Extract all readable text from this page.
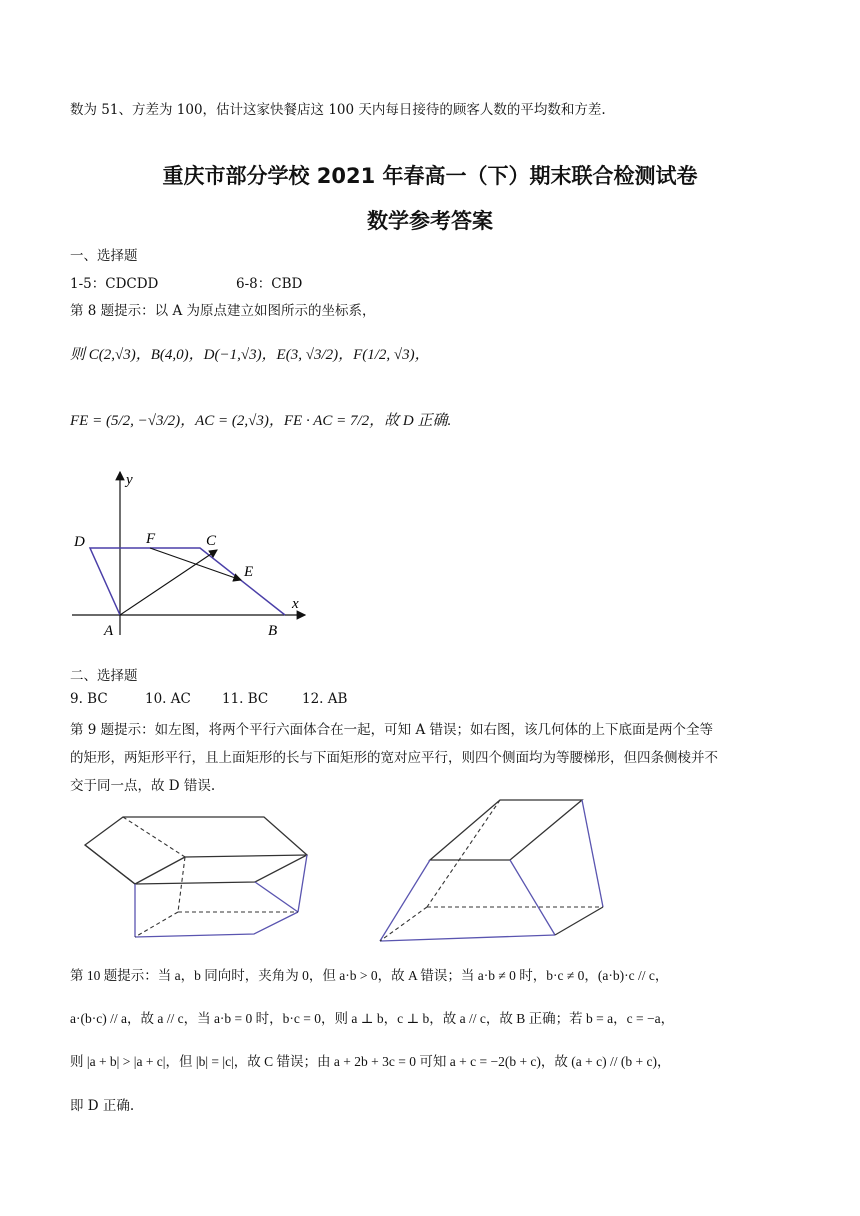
数为 51、方差为 100，估计这家快餐店这 100 天内每日接待的顾客人数的平均数和方差.
重庆市部分学校 2021 年春高一（下）期末联合检测试卷
数学参考答案
一、选择题
1-5：CDCDD	6-8：CBD
第 8 题提示：以 A 为原点建立如图所示的坐标系，
则 C(2,√3)，B(4,0)，D(−1,√3)，E(3, √3/2)，F(1/2, √3)，
FE = (5/2, −√3/2)，AC = (2,√3)，FE · AC = 7/2，故 D 正确.
y
x
D	F	C
E
A	B
二、选择题
9. BC	10. AC 11. BC 12. AB
第 9 题提示：如左图，将两个平行六面体合在一起，可知 A 错误；如右图，该几何体的上下底面是两个全等
的矩形，两矩形平行，且上面矩形的长与下面矩形的宽对应平行，则四个侧面均为等腰梯形，但四条侧棱并不
交于同一点，故 D 错误.
第 10 题提示：当 a，b 同向时，夹角为 0，但 a·b > 0，故 A 错误；当 a·b ≠ 0 时，b·c ≠ 0，(a·b)·c // c，
a·(b·c) // a，故 a // c，当 a·b = 0 时，b·c = 0，则 a ⊥ b，c ⊥ b，故 a // c，故 B 正确；若 b = a，c = −a，
则 |a + b| > |a + c|，但 |b| = |c|，故 C 错误；由 a + 2b + 3c = 0 可知 a + c = −2(b + c)，故 (a + c) // (b + c)，
即 D 正确.
